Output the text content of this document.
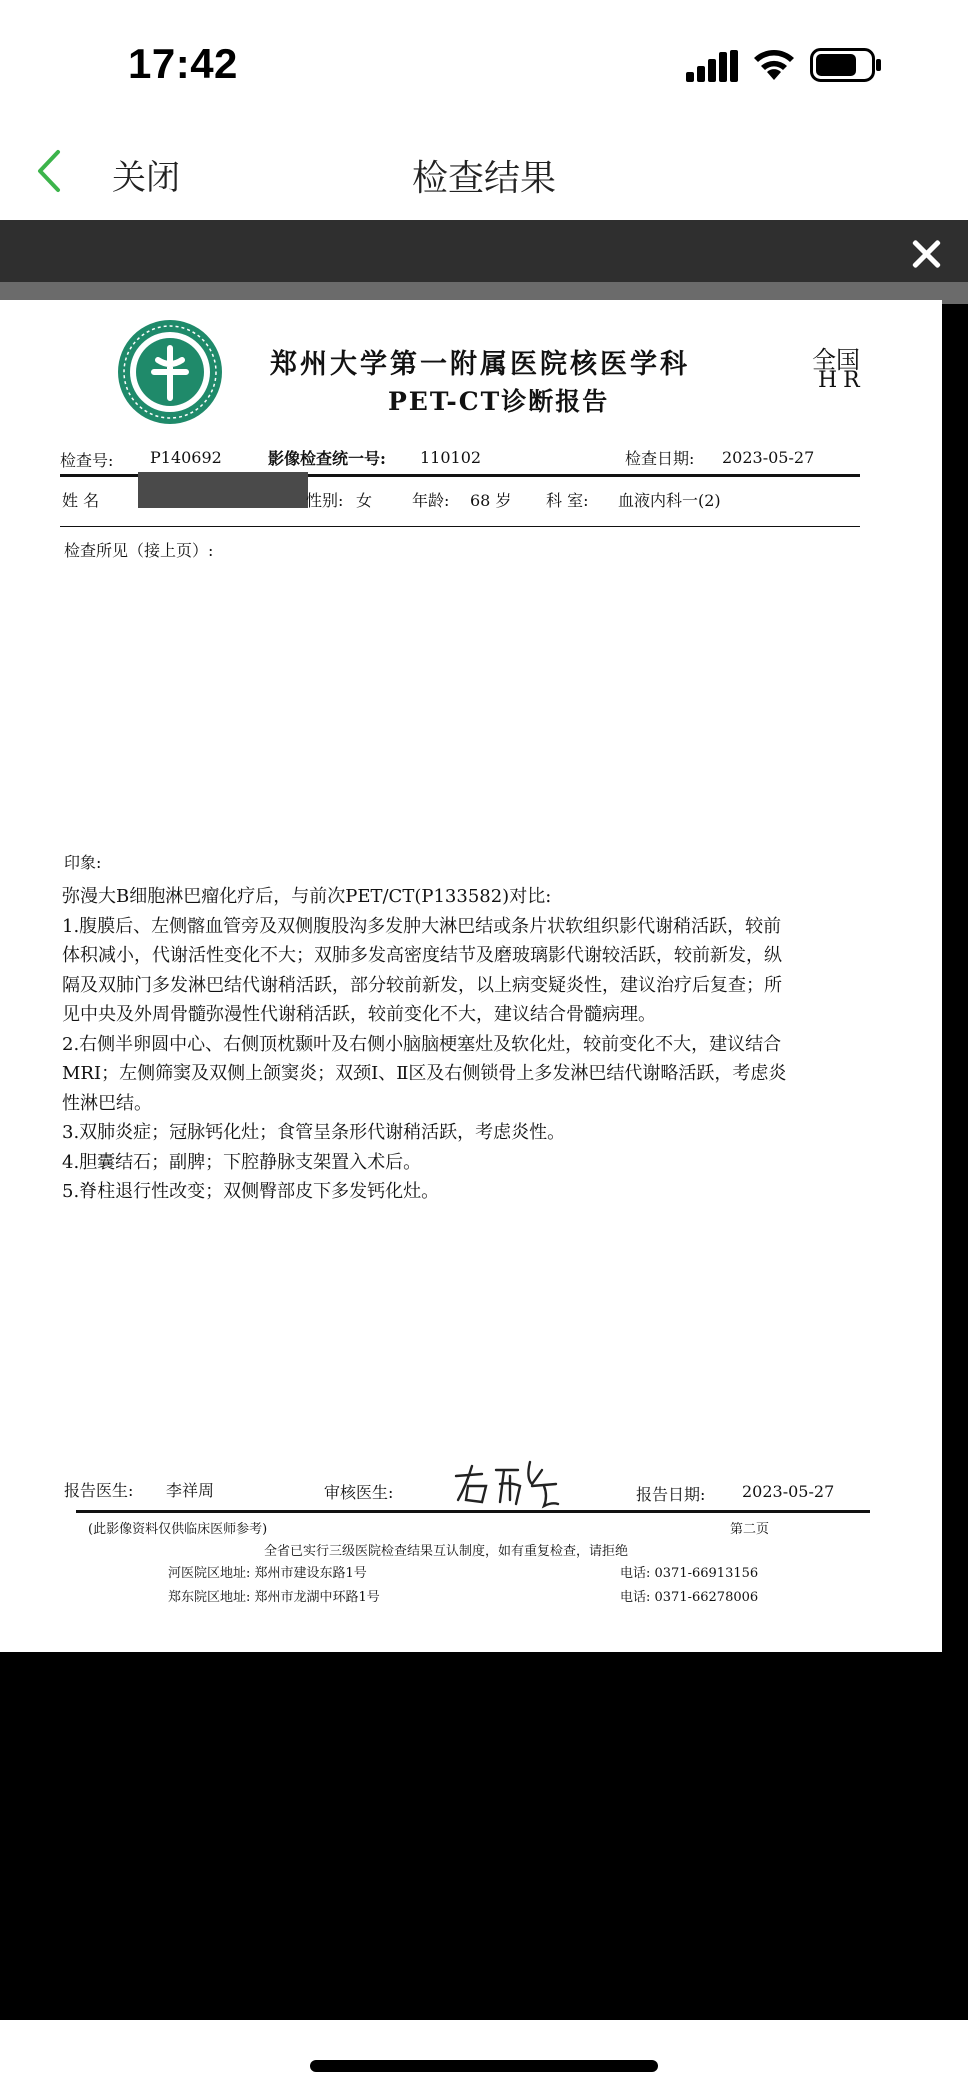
17:42
关闭	检查结果
郑州大学第一附属医院核医学科
PET-CT诊断报告
全国
HR
检查号: P140692	影像检查统一号: 110102	检查日期: 2023-05-27
姓 名	性别: 女 年龄: 68 岁 科 室: 血液内科一(2)
检查所见（接上页）:
印象:
弥漫大B细胞淋巴瘤化疗后，与前次PET/CT(P133582)对比:
1.腹膜后、左侧髂血管旁及双侧腹股沟多发肿大淋巴结或条片状软组织影代谢稍活跃，较前
体积减小，代谢活性变化不大；双肺多发高密度结节及磨玻璃影代谢较活跃，较前新发，纵
隔及双肺门多发淋巴结代谢稍活跃，部分较前新发，以上病变疑炎性，建议治疗后复查；所
见中央及外周骨髓弥漫性代谢稍活跃，较前变化不大，建议结合骨髓病理。
2.右侧半卵圆中心、右侧顶枕颞叶及右侧小脑脑梗塞灶及软化灶，较前变化不大，建议结合
MRI；左侧筛窦及双侧上颌窦炎；双颈Ⅰ、Ⅱ区及右侧锁骨上多发淋巴结代谢略活跃，考虑炎
性淋巴结。
3.双肺炎症；冠脉钙化灶；食管呈条形代谢稍活跃，考虑炎性。
4.胆囊结石；副脾；下腔静脉支架置入术后。
5.脊柱退行性改变；双侧臀部皮下多发钙化灶。
报告医生: 李祥周	审核医生:	报告日期: 2023-05-27
(此影像资料仅供临床医师参考)	第二页
全省已实行三级医院检查结果互认制度，如有重复检查，请拒绝
河医院区地址: 郑州市建设东路1号	电话: 0371-66913156
郑东院区地址: 郑州市龙湖中环路1号	电话: 0371-66278006
